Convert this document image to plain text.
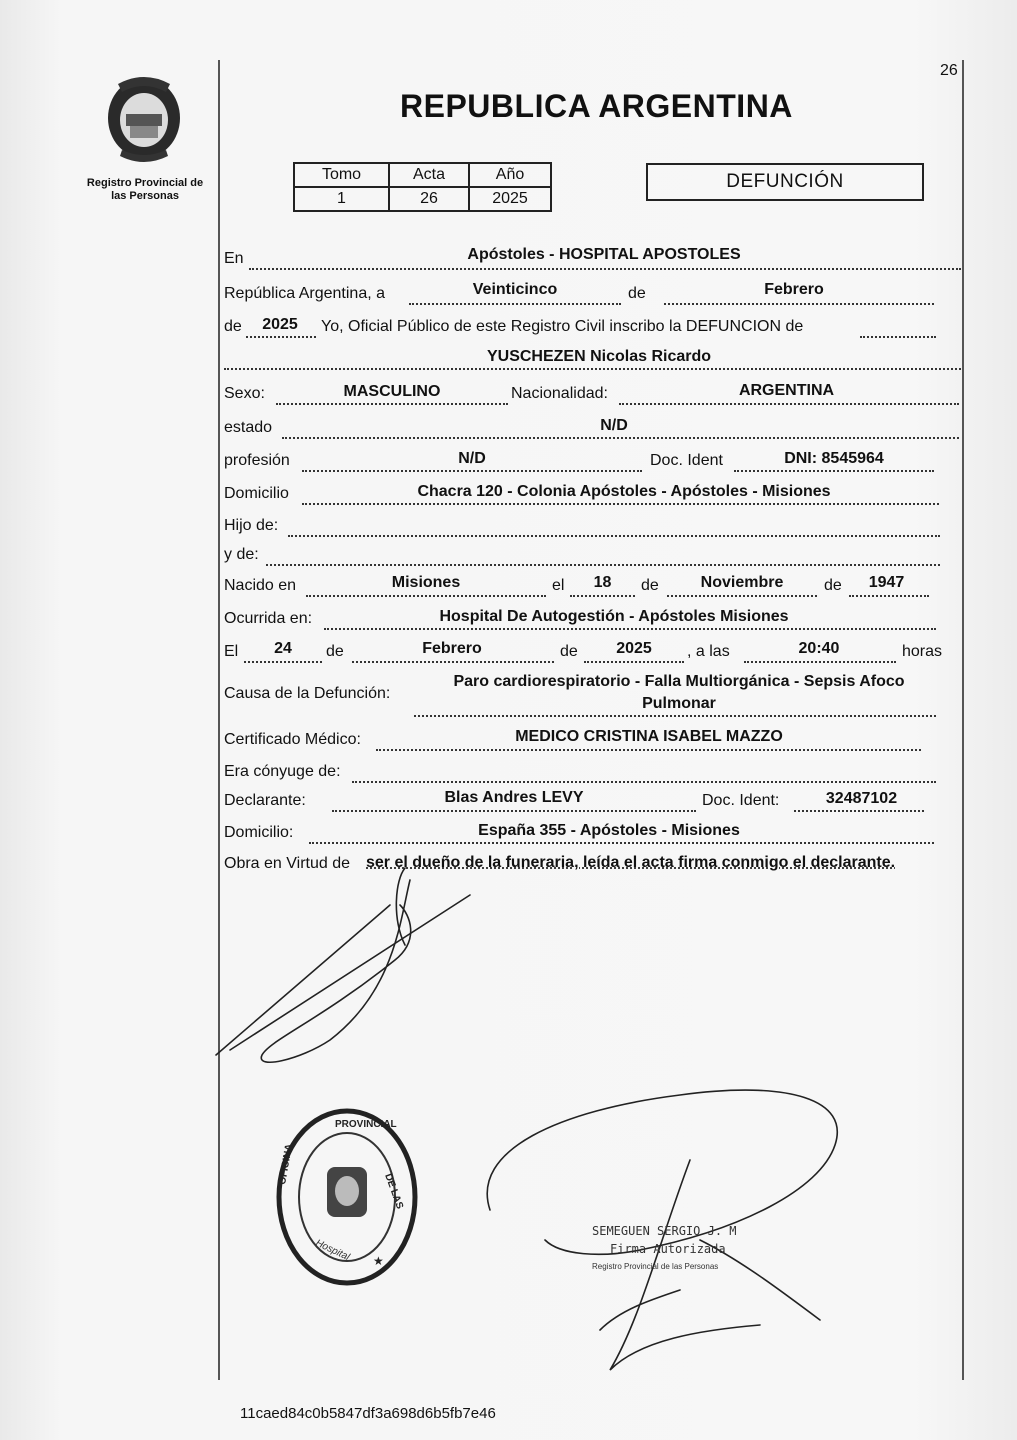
26
Registro Provincial de
las Personas
REPUBLICA ARGENTINA
Tomo	Acta	Año
1	26	2025
DEFUNCIÓN
En	Apóstoles - HOSPITAL APOSTOLES
República Argentina, a	Veinticinco	de	Febrero
de	2025	Yo, Oficial Público de este Registro Civil inscribo la DEFUNCION de
YUSCHEZEN Nicolas Ricardo
Sexo:	MASCULINO	Nacionalidad:	ARGENTINA
estado	N/D
profesión	N/D	Doc. Ident	DNI: 8545964
Domicilio	Chacra 120 - Colonia Apóstoles - Apóstoles - Misiones
Hijo de:
y de:
Nacido en	Misiones	el	18	de	Noviembre	de	1947
Ocurrida en:	Hospital De Autogestión - Apóstoles Misiones
El	24	de	Febrero	de	2025	, a las	20:40	horas
Causa de la Defunción:
Paro cardiorespiratorio - Falla Multiorgánica - Sepsis Afoco
Pulmonar
Certificado Médico:	MEDICO CRISTINA ISABEL MAZZO
Era cónyuge de:
Declarante:	Blas Andres LEVY	Doc. Ident:	32487102
Domicilio:	España 355 - Apóstoles - Misiones
Obra en Virtud de ser el dueño de la funeraria, leída el acta firma conmigo el declarante.
PROVINCIAL
DE LAS
OFICINA
Hospital ★
SEMEGUEN SERGIO J. M
Firma Autorizada
Registro Provincial de las Personas
11caed84c0b5847df3a698d6b5fb7e46
